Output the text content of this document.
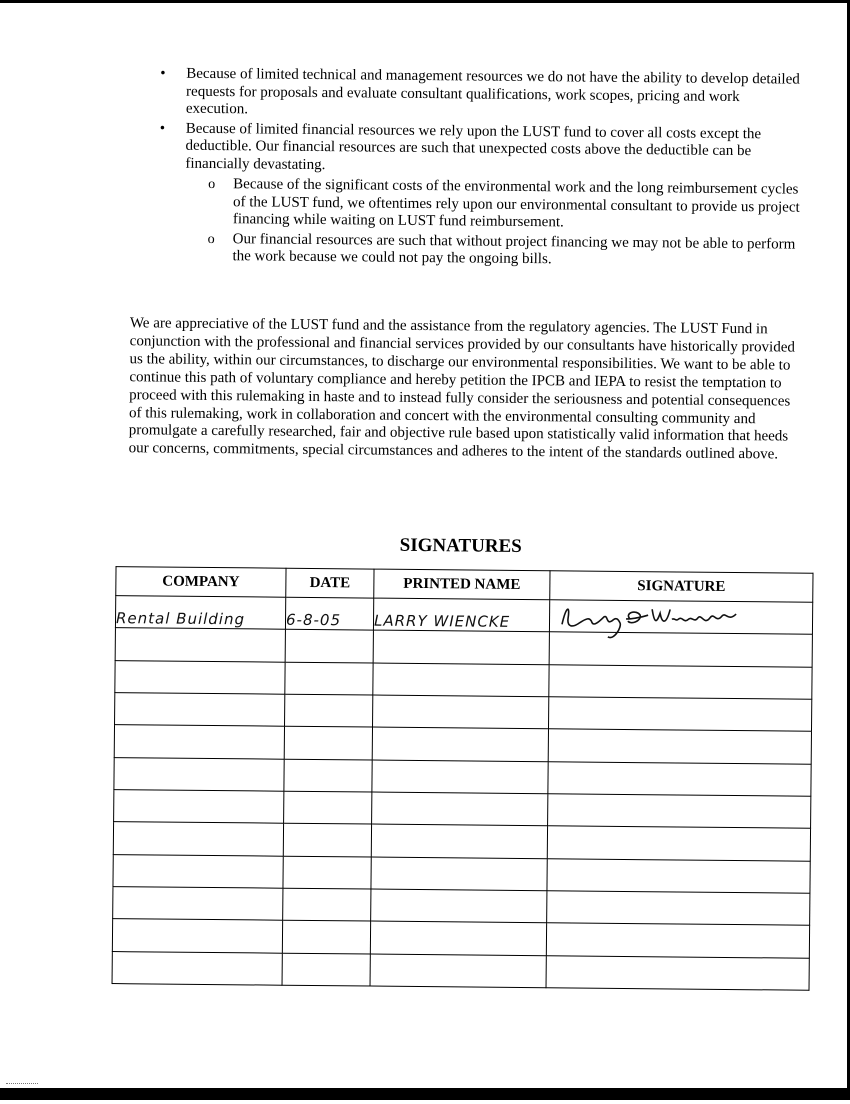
• Because of limited technical and management resources we do not have the ability to develop detailed requests for proposals and evaluate consultant qualifications, work scopes, pricing and work execution.
• Because of limited financial resources we rely upon the LUST fund to cover all costs except the deductible. Our financial resources are such that unexpected costs above the deductible can be financially devastating.
o Because of the significant costs of the environmental work and the long reimbursement cycles of the LUST fund, we oftentimes rely upon our environmental consultant to provide us project financing while waiting on LUST fund reimbursement.
o Our financial resources are such that without project financing we may not be able to perform the work because we could not pay the ongoing bills.

We are appreciative of the LUST fund and the assistance from the regulatory agencies. The LUST Fund in conjunction with the professional and financial services provided by our consultants have historically provided us the ability, within our circumstances, to discharge our environmental responsibilities. We want to be able to continue this path of voluntary compliance and hereby petition the IPCB and IEPA to resist the temptation to proceed with this rulemaking in haste and to instead fully consider the seriousness and potential consequences of this rulemaking, work in collaboration and concert with the environmental consulting community and promulgate a carefully researched, fair and objective rule based upon statistically valid information that heeds our concerns, commitments, special circumstances and adheres to the intent of the standards outlined above.

SIGNATURES
COMPANY	DATE	PRINTED NAME	SIGNATURE
Rental Building	6-8-05	LARRY WIENCKE	
